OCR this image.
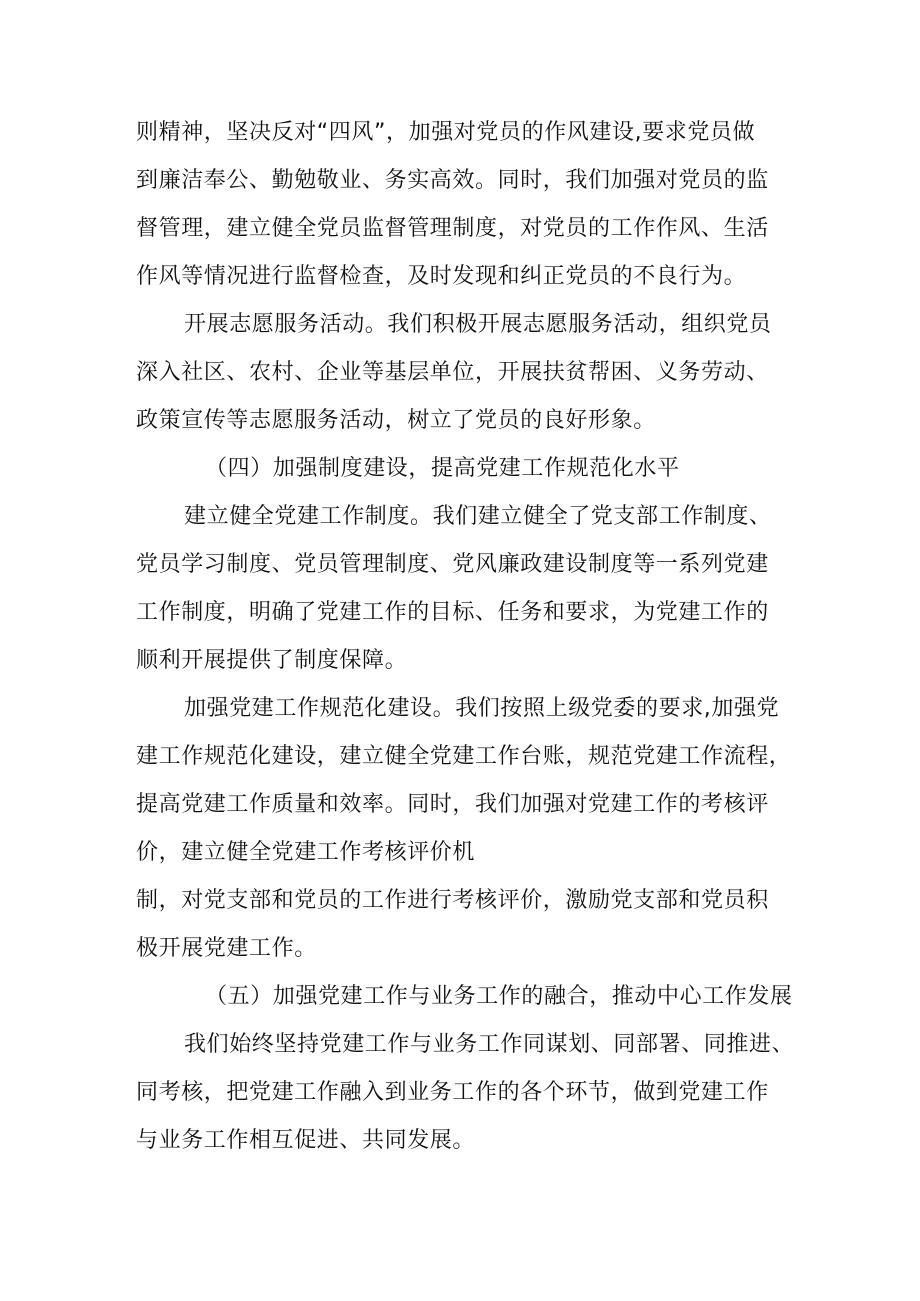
则精神，坚决反对“四风”，加强对党员的作风建设,要求党员做
到廉洁奉公、勤勉敬业、务实高效。同时，我们加强对党员的监
督管理，建立健全党员监督管理制度，对党员的工作作风、生活
作风等情况进行监督检查，及时发现和纠正党员的不良行为。
开展志愿服务活动。我们积极开展志愿服务活动，组织党员
深入社区、农村、企业等基层单位，开展扶贫帮困、义务劳动、
政策宣传等志愿服务活动，树立了党员的良好形象。
（四）加强制度建设，提高党建工作规范化水平
建立健全党建工作制度。我们建立健全了党支部工作制度、
党员学习制度、党员管理制度、党风廉政建设制度等一系列党建
工作制度，明确了党建工作的目标、任务和要求，为党建工作的
顺利开展提供了制度保障。
加强党建工作规范化建设。我们按照上级党委的要求,加强党
建工作规范化建设，建立健全党建工作台账，规范党建工作流程，
提高党建工作质量和效率。同时，我们加强对党建工作的考核评
价，建立健全党建工作考核评价机
制，对党支部和党员的工作进行考核评价，激励党支部和党员积
极开展党建工作。
（五）加强党建工作与业务工作的融合，推动中心工作发展
我们始终坚持党建工作与业务工作同谋划、同部署、同推进、
同考核，把党建工作融入到业务工作的各个环节，做到党建工作
与业务工作相互促进、共同发展。
